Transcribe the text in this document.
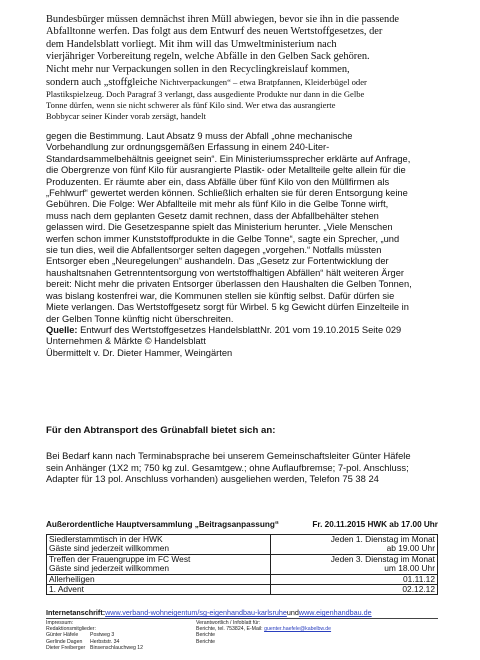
Bundesbürger müssen demnächst ihren Müll abwiegen, bevor sie ihn in die passende
Abfalltonne werfen. Das folgt aus dem Entwurf des neuen Wertstoffgesetzes, der
dem Handelsblatt vorliegt. Mit ihm will das Umweltministerium nach
vierjähriger Vorbereitung regeln, welche Abfälle in den Gelben Sack gehören.
Nicht mehr nur Verpackungen sollen in den Recyclingkreislauf kommen,
sondern auch „stoffgleiche Nichtverpackungen“ – etwa Bratpfannen, Kleiderbügel oder
Plastikspielzeug. Doch Paragraf 3 verlangt, dass ausgediente Produkte nur dann in die Gelbe
Tonne dürfen, wenn sie nicht schwerer als fünf Kilo sind. Wer etwa das ausrangierte
Bobbycar seiner Kinder vorab zersägt, handelt
gegen die Bestimmung. Laut Absatz 9 muss der Abfall „ohne mechanische
Vorbehandlung zur ordnungsgemäßen Erfassung in einem 240-Liter-
Standardsammelbehältnis geeignet sein“. Ein Ministeriumssprecher erklärte auf Anfrage,
die Obergrenze von fünf Kilo für ausrangierte Plastik- oder Metallteile gelte allein für die
Produzenten. Er räumte aber ein, dass Abfälle über fünf Kilo von den Müllfirmen als
„Fehlwurf“ gewertet werden können. Schließlich erhalten sie für deren Entsorgung keine
Gebühren. Die Folge: Wer Abfallteile mit mehr als fünf Kilo in die Gelbe Tonne wirft,
muss nach dem geplanten Gesetz damit rechnen, dass der Abfallbehälter stehen
gelassen wird. Die Gesetzespanne spielt das Ministerium herunter. „Viele Menschen
werfen schon immer Kunststoffprodukte in die Gelbe Tonne“, sagte ein Sprecher, „und
sie tun dies, weil die Abfallentsorger selten dagegen „vorgehen.“ Notfalls müssten
Entsorger eben „Neuregelungen“ aushandeln. Das „Gesetz zur Fortentwicklung der
haushaltsnahen Getrenntentsorgung von wertstoffhaltigen Abfällen“ hält weiteren Ärger
bereit: Nicht mehr die privaten Entsorger überlassen den Haushalten die Gelben Tonnen,
was bislang kostenfrei war, die Kommunen stellen sie künftig selbst. Dafür dürfen sie
Miete verlangen. Das Wertstoffgesetz sorgt für Wirbel. 5 kg Gewicht dürfen Einzelteile in
der Gelben Tonne künftig nicht überschreiten.
Quelle: Entwurf des Wertstoffgesetzes HandelsblattNr. 201 vom 19.10.2015 Seite 029
Unternehmen & Märkte © Handelsblatt
Übermittelt v. Dr. Dieter Hammer, Weingärten
Für den Abtransport des Grünabfall bietet sich an:
Bei Bedarf kann nach Terminabsprache bei unserem Gemeinschaftsleiter Günter Häfele
sein Anhänger (1X2 m; 750 kg zul. Gesamtgew.; ohne Auflaufbremse; 7-pol. Anschluss;
Adapter für 13 pol. Anschluss vorhanden) ausgeliehen werden, Telefon 75 38 24
Außerordentliche Hauptversammlung „Beitragsanpassung“	Fr. 20.11.2015 HWK ab 17.00 Uhr
Siedlerstammtisch in der HWK
Gäste sind jederzeit willkommen	Jeden 1. Dienstag im Monat
ab 19.00 Uhr

Treffen der Frauengruppe im FC West
Gäste sind jederzeit willkommen	Jeden 3. Dienstag im Monat
um 18.00 Uhr

Allerheiligen	01.11.12

1. Advent	02.12.12
Internetanschrift:www.verband-wohneigentum/sg-eigenhandbau-karlsruheundwww.eigenhandbau.de
Impressum:
Redaktionsmitglieder:
Günter Häfele Postweg 3
Gerlinde Dagen Herbststr. 34
Dieter Freiberger Binsenschlauchweg 12
Verantwortlich / Infoblatt für:
Berichte, tel. 753824, E-Mail: guenter.haefele@kabelbw.de
Berichte
Berichte
